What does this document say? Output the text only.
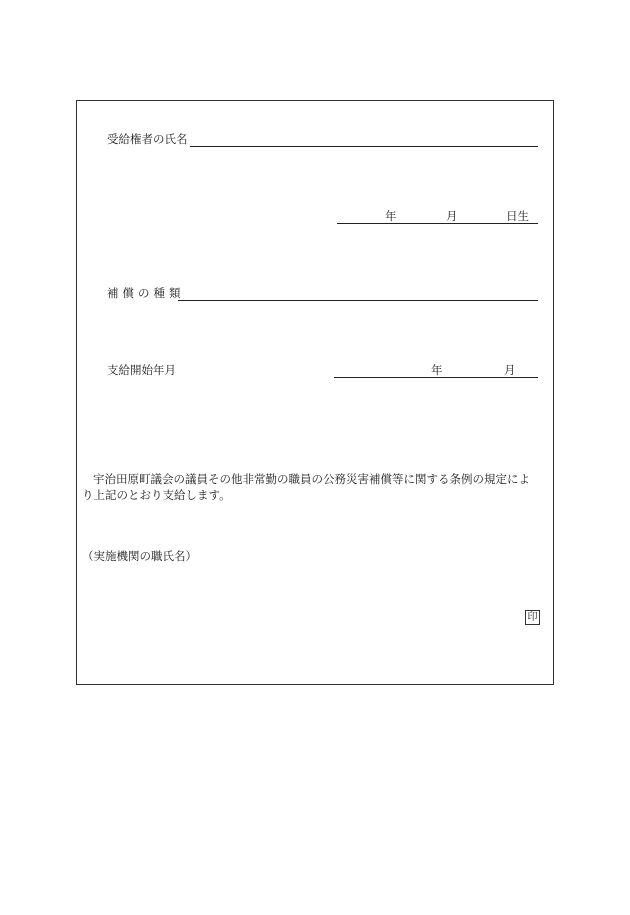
受給権者の氏名
年	月	日生
補償の種類
支給開始年月	年	月
宇治田原町議会の議員その他非常勤の職員の公務災害補償等に関する条例の規定によ
り上記のとおり支給します。
（実施機関の職氏名）
印
